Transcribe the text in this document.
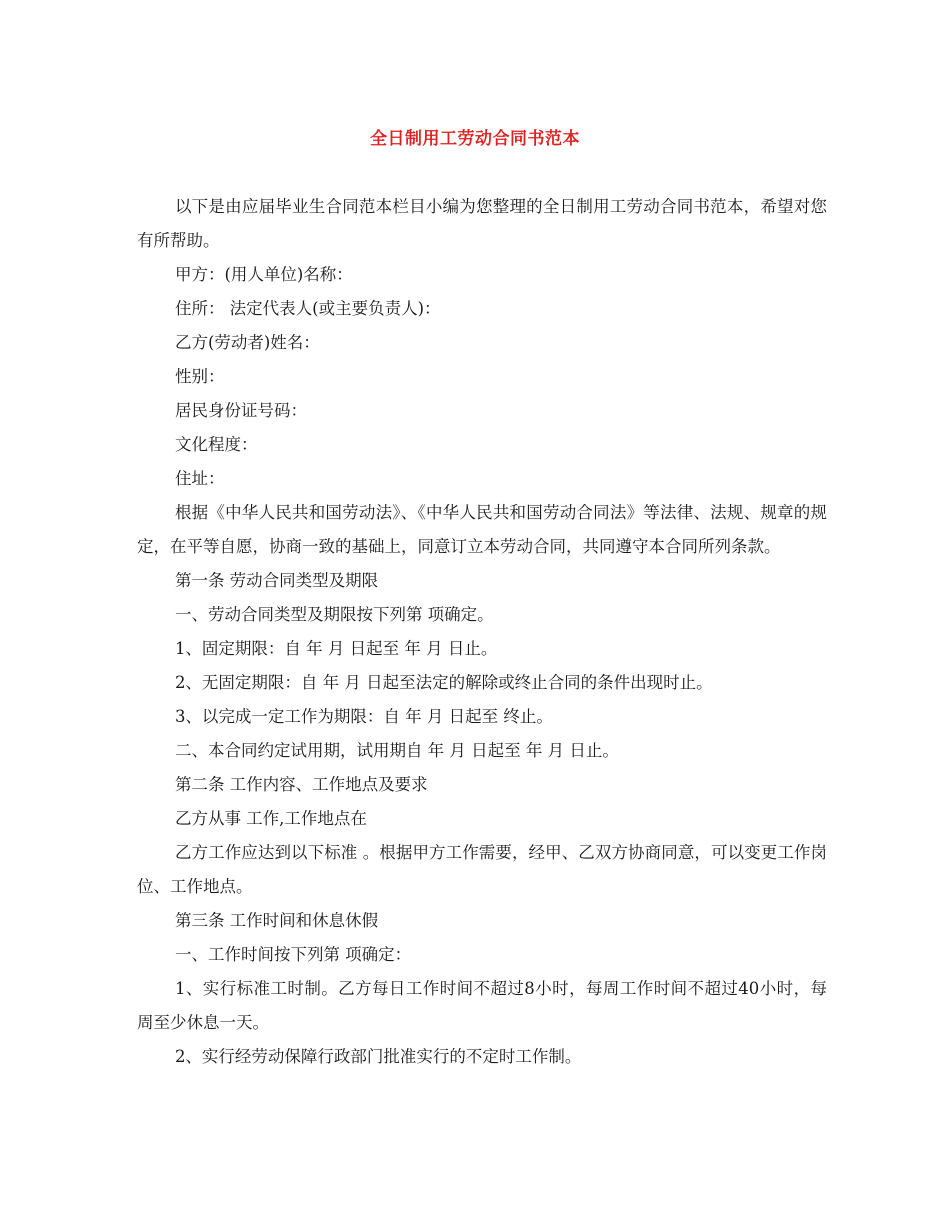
全日制用工劳动合同书范本

以下是由应届毕业生合同范本栏目小编为您整理的全日制用工劳动合同书范本，希望对您有所帮助。

甲方：(用人单位)名称：

住所： 法定代表人(或主要负责人)：

乙方(劳动者)姓名：

性别：

居民身份证号码：

文化程度：

住址：

根据《中华人民共和国劳动法》、《中华人民共和国劳动合同法》等法律、法规、规章的规定，在平等自愿，协商一致的基础上，同意订立本劳动合同，共同遵守本合同所列条款。

第一条 劳动合同类型及期限

一、劳动合同类型及期限按下列第 项确定。

1、固定期限：自 年 月 日起至 年 月 日止。

2、无固定期限：自 年 月 日起至法定的解除或终止合同的条件出现时止。

3、以完成一定工作为期限：自 年 月 日起至 终止。

二、本合同约定试用期，试用期自 年 月 日起至 年 月 日止。

第二条 工作内容、工作地点及要求

乙方从事 工作,工作地点在

乙方工作应达到以下标准 。根据甲方工作需要，经甲、乙双方协商同意，可以变更工作岗位、工作地点。

第三条 工作时间和休息休假

一、工作时间按下列第 项确定：

1、实行标准工时制。乙方每日工作时间不超过8小时，每周工作时间不超过40小时，每周至少休息一天。

2、实行经劳动保障行政部门批准实行的不定时工作制。
